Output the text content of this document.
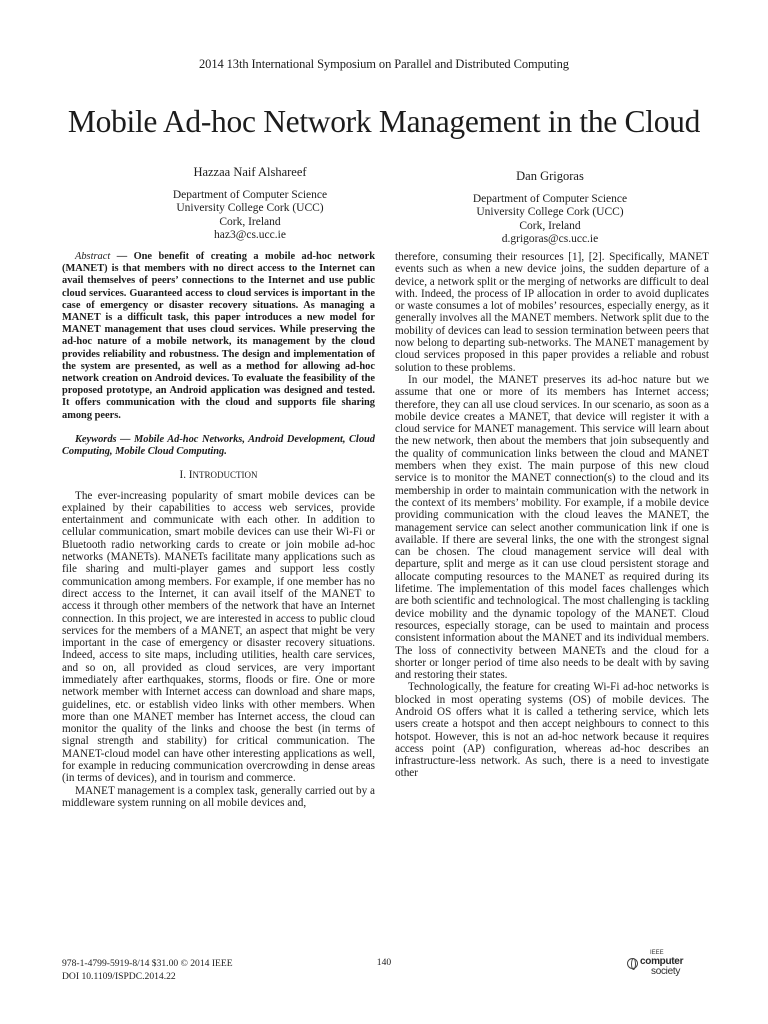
2014 13th International Symposium on Parallel and Distributed Computing
Mobile Ad-hoc Network Management in the Cloud
Hazzaa Naif Alshareef
Department of Computer Science
University College Cork (UCC)
Cork, Ireland
haz3@cs.ucc.ie
Dan Grigoras
Department of Computer Science
University College Cork (UCC)
Cork, Ireland
d.grigoras@cs.ucc.ie

Abstract — One benefit of creating a mobile ad-hoc network (MANET) is that members with no direct access to the Internet can avail themselves of peers’ connections to the Internet and use public cloud services. Guaranteed access to cloud services is important in the case of emergency or disaster recovery situations. As managing a MANET is a difficult task, this paper introduces a new model for MANET management that uses cloud services. While preserving the ad-hoc nature of a mobile network, its management by the cloud provides reliability and robustness. The design and implementation of the system are presented, as well as a method for allowing ad-hoc network creation on Android devices. To evaluate the feasibility of the proposed prototype, an Android application was designed and tested. It offers communication with the cloud and supports file sharing among peers.

Keywords — Mobile Ad-hoc Networks, Android Development, Cloud Computing, Mobile Cloud Computing.

I. INTRODUCTION

The ever-increasing popularity of smart mobile devices can be explained by their capabilities to access web services, provide entertainment and communicate with each other. In addition to cellular communication, smart mobile devices can use their Wi-Fi or Bluetooth radio networking cards to create or join mobile ad-hoc networks (MANETs). MANETs facilitate many applications such as file sharing and multi-player games and support less costly communication among members. For example, if one member has no direct access to the Internet, it can avail itself of the MANET to access it through other members of the network that have an Internet connection. In this project, we are interested in access to public cloud services for the members of a MANET, an aspect that might be very important in the case of emergency or disaster recovery situations. Indeed, access to site maps, including utilities, health care services, and so on, all provided as cloud services, are very important immediately after earthquakes, storms, floods or fire. One or more network member with Internet access can download and share maps, guidelines, etc. or establish video links with other members. When more than one MANET member has Internet access, the cloud can monitor the quality of the links and choose the best (in terms of signal strength and stability) for critical communication. The MANET-cloud model can have other interesting applications as well, for example in reducing communication overcrowding in dense areas (in terms of devices), and in tourism and commerce.

MANET management is a complex task, generally carried out by a middleware system running on all mobile devices and,

therefore, consuming their resources [1], [2]. Specifically, MANET events such as when a new device joins, the sudden departure of a device, a network split or the merging of networks are difficult to deal with. Indeed, the process of IP allocation in order to avoid duplicates or waste consumes a lot of mobiles’ resources, especially energy, as it generally involves all the MANET members. Network split due to the mobility of devices can lead to session termination between peers that now belong to departing sub-networks. The MANET management by cloud services proposed in this paper provides a reliable and robust solution to these problems.

In our model, the MANET preserves its ad-hoc nature but we assume that one or more of its members has Internet access; therefore, they can all use cloud services. In our scenario, as soon as a mobile device creates a MANET, that device will register it with a cloud service for MANET management. This service will learn about the new network, then about the members that join subsequently and the quality of communication links between the cloud and MANET members when they exist. The main purpose of this new cloud service is to monitor the MANET connection(s) to the cloud and its membership in order to maintain communication with the network in the context of its members’ mobility. For example, if a mobile device providing communication with the cloud leaves the MANET, the management service can select another communication link if one is available. If there are several links, the one with the strongest signal can be chosen. The cloud management service will deal with departure, split and merge as it can use cloud persistent storage and allocate computing resources to the MANET as required during its lifetime. The implementation of this model faces challenges which are both scientific and technological. The most challenging is tackling device mobility and the dynamic topology of the MANET. Cloud resources, especially storage, can be used to maintain and process consistent information about the MANET and its individual members. The loss of connectivity between MANETs and the cloud for a shorter or longer period of time also needs to be dealt with by saving and restoring their states.

Technologically, the feature for creating Wi-Fi ad-hoc networks is blocked in most operating systems (OS) of mobile devices. The Android OS offers what it is called a tethering service, which lets users create a hotspot and then accept neighbours to connect to this hotspot. However, this is not an ad-hoc network because it requires access point (AP) configuration, whereas ad-hoc describes an infrastructure-less network. As such, there is a need to investigate other

978-1-4799-5919-8/14 $31.00 © 2014 IEEE
DOI 10.1109/ISPDC.2014.22
140
IEEE
computer
society
